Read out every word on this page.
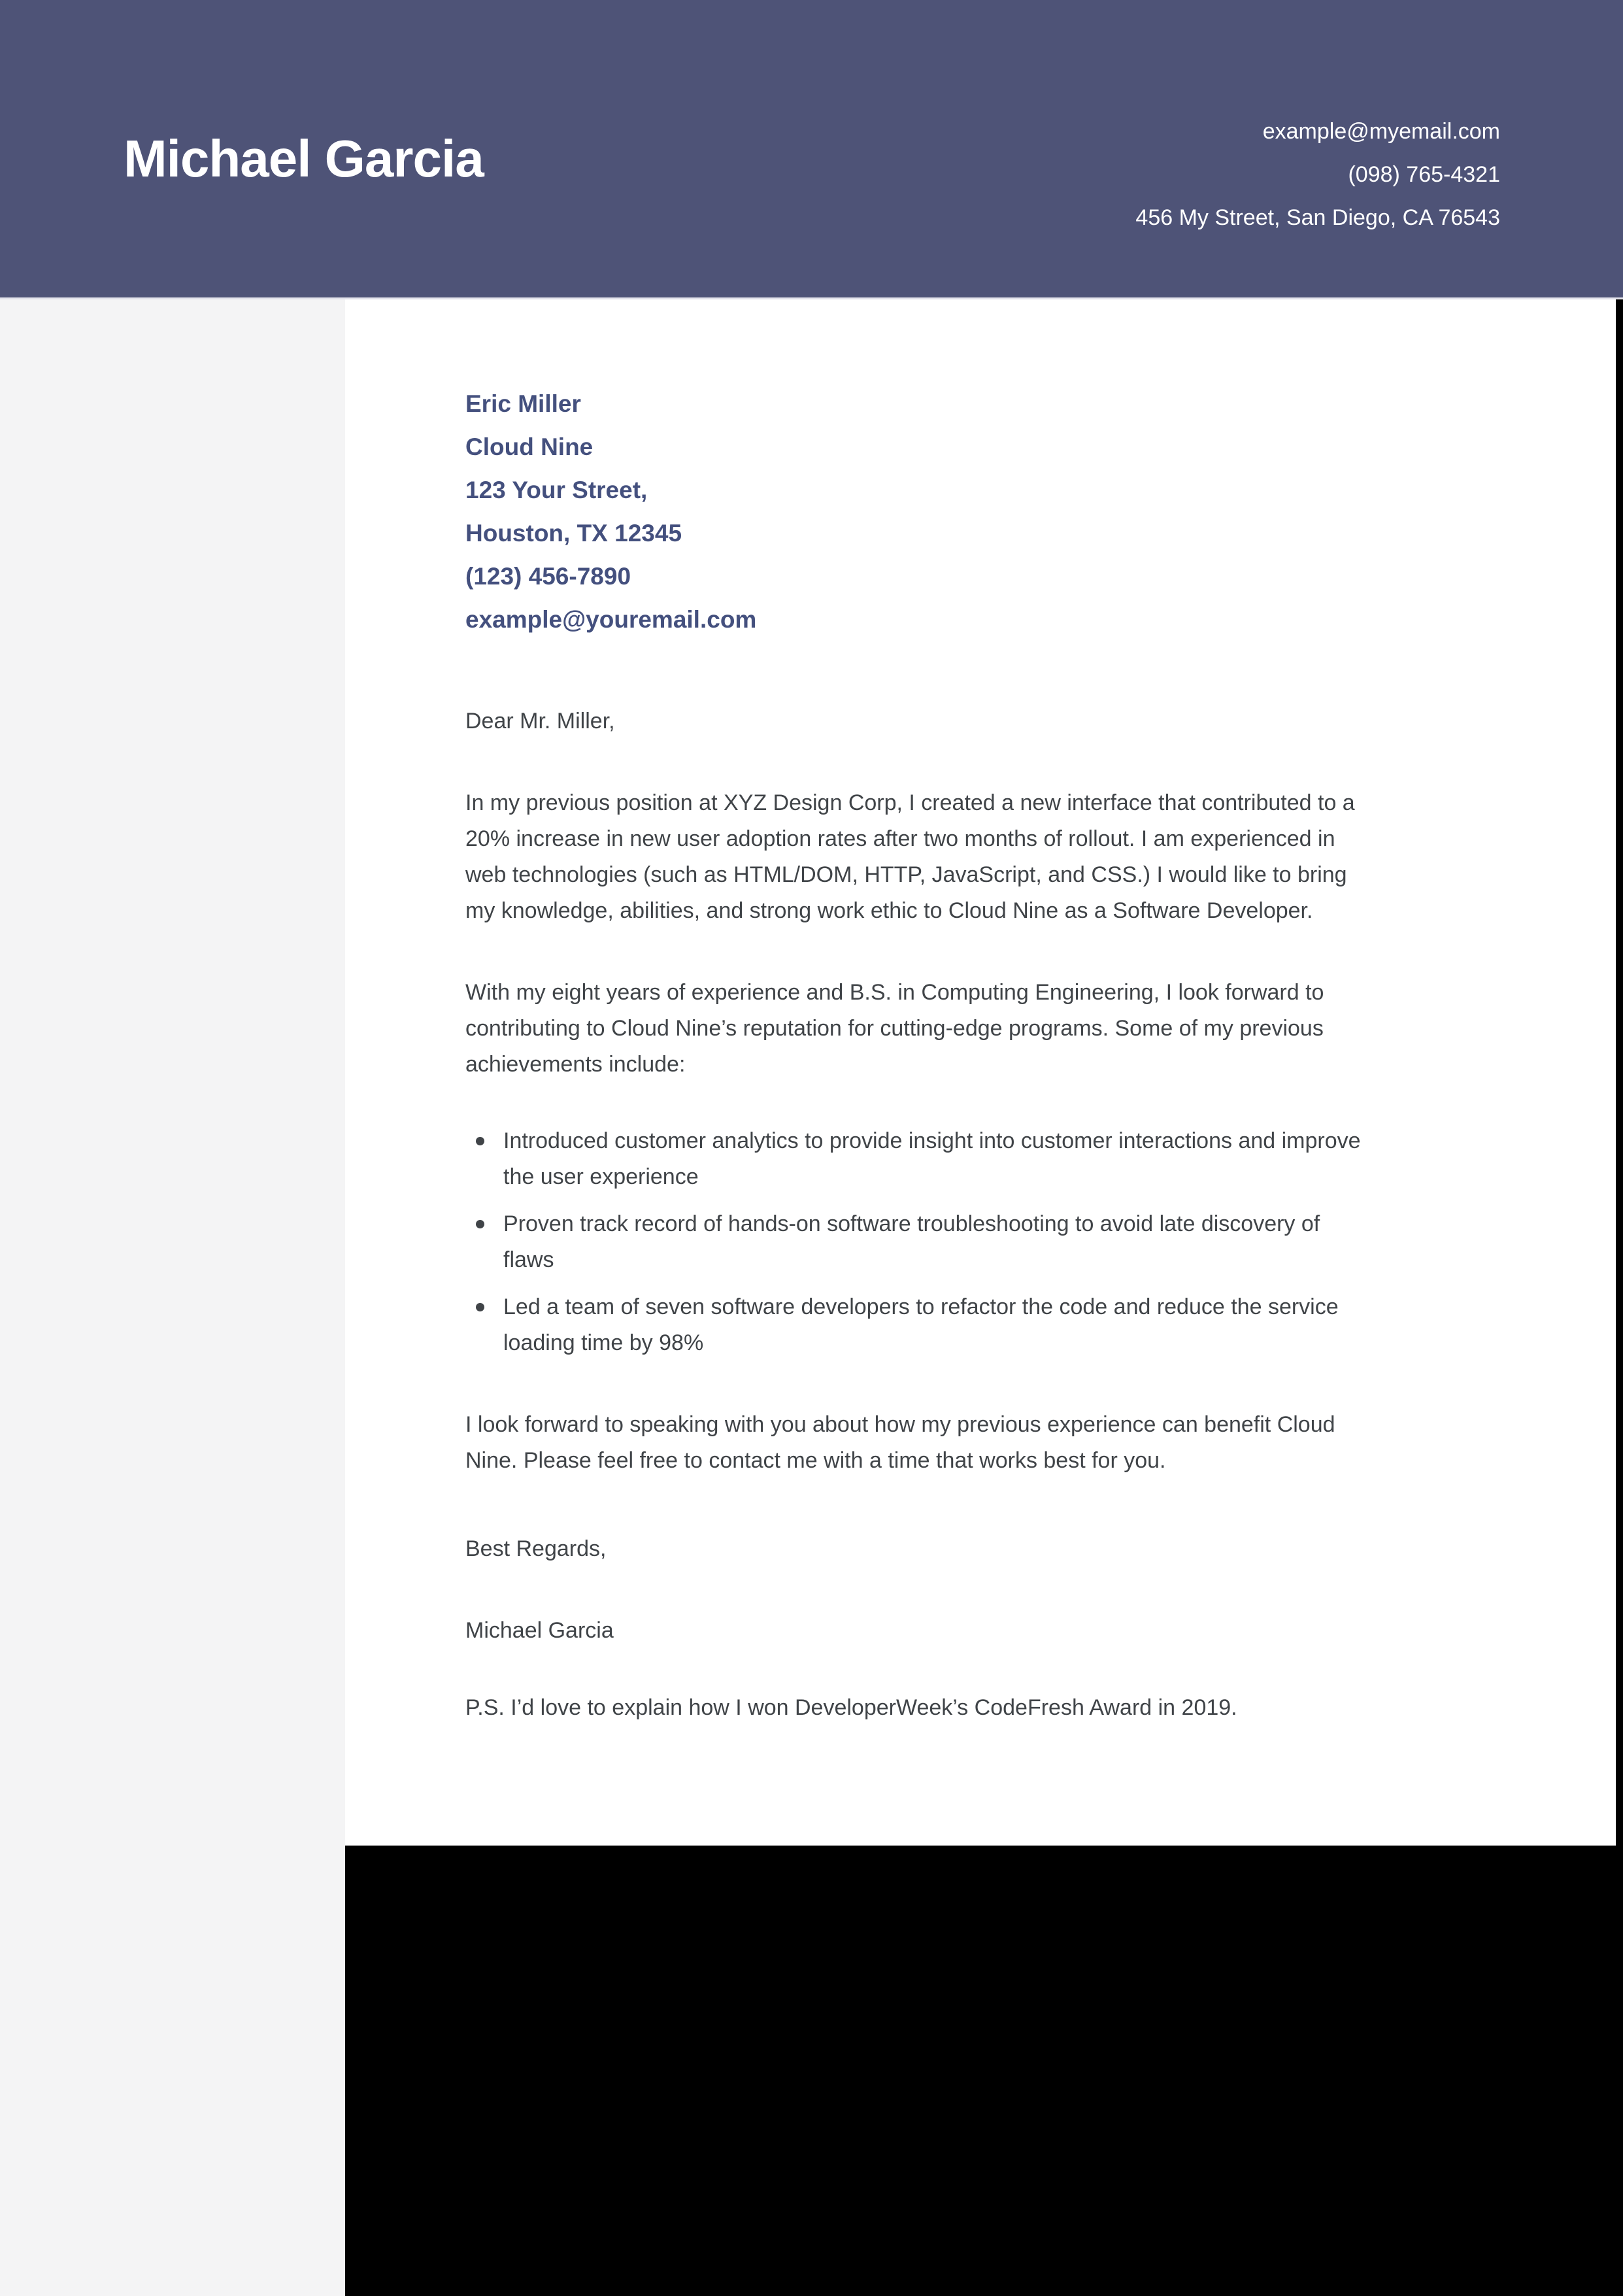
Michael Garcia	example@myemail.com
(098) 765-4321
456 My Street, San Diego, CA 76543
Eric Miller
Cloud Nine
123 Your Street,
Houston, TX 12345
(123) 456-7890
example@youremail.com
Dear Mr. Miller,
In my previous position at XYZ Design Corp, I created a new interface that contributed to a
20% increase in new user adoption rates after two months of rollout. I am experienced in
web technologies (such as HTML/DOM, HTTP, JavaScript, and CSS.) I would like to bring
my knowledge, abilities, and strong work ethic to Cloud Nine as a Software Developer.
With my eight years of experience and B.S. in Computing Engineering, I look forward to
contributing to Cloud Nine’s reputation for cutting-edge programs. Some of my previous
achievements include:
Introduced customer analytics to provide insight into customer interactions and improve
the user experience
Proven track record of hands-on software troubleshooting to avoid late discovery of
flaws
Led a team of seven software developers to refactor the code and reduce the service
loading time by 98%
I look forward to speaking with you about how my previous experience can benefit Cloud
Nine. Please feel free to contact me with a time that works best for you.
Best Regards,
Michael Garcia
P.S. I’d love to explain how I won DeveloperWeek’s CodeFresh Award in 2019.
